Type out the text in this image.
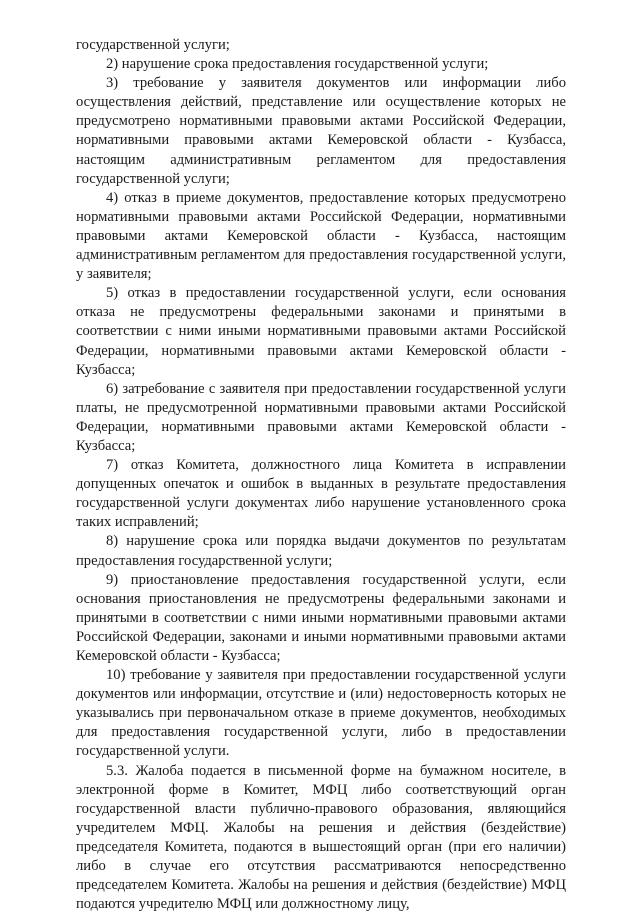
государственной услуги;

2) нарушение срока предоставления государственной услуги;

3) требование у заявителя документов или информации либо осуществления действий, представление или осуществление которых не предусмотрено нормативными правовыми актами Российской Федерации, нормативными правовыми актами Кемеровской области - Кузбасса, настоящим административным регламентом для предоставления государственной услуги;

4) отказ в приеме документов, предоставление которых предусмотрено нормативными правовыми актами Российской Федерации, нормативными правовыми актами Кемеровской области - Кузбасса, настоящим административным регламентом для предоставления государственной услуги, у заявителя;

5) отказ в предоставлении государственной услуги, если основания отказа не предусмотрены федеральными законами и принятыми в соответствии с ними иными нормативными правовыми актами Российской Федерации, нормативными правовыми актами Кемеровской области - Кузбасса;

6) затребование с заявителя при предоставлении государственной услуги платы, не предусмотренной нормативными правовыми актами Российской Федерации, нормативными правовыми актами Кемеровской области - Кузбасса;

7) отказ Комитета, должностного лица Комитета в исправлении допущенных опечаток и ошибок в выданных в результате предоставления государственной услуги документах либо нарушение установленного срока таких исправлений;

8) нарушение срока или порядка выдачи документов по результатам предоставления государственной услуги;

9) приостановление предоставления государственной услуги, если основания приостановления не предусмотрены федеральными законами и принятыми в соответствии с ними иными нормативными правовыми актами Российской Федерации, законами и иными нормативными правовыми актами Кемеровской области - Кузбасса;

10) требование у заявителя при предоставлении государственной услуги документов или информации, отсутствие и (или) недостоверность которых не указывались при первоначальном отказе в приеме документов, необходимых для предоставления государственной услуги, либо в предоставлении государственной услуги.

5.3. Жалоба подается в письменной форме на бумажном носителе, в электронной форме в Комитет, МФЦ либо соответствующий орган государственной власти публично-правового образования, являющийся учредителем МФЦ. Жалобы на решения и действия (бездействие) председателя Комитета, подаются в вышестоящий орган (при его наличии) либо в случае его отсутствия рассматриваются непосредственно председателем Комитета. Жалобы на решения и действия (бездействие) МФЦ подаются учредителю МФЦ или должностному лицу,
